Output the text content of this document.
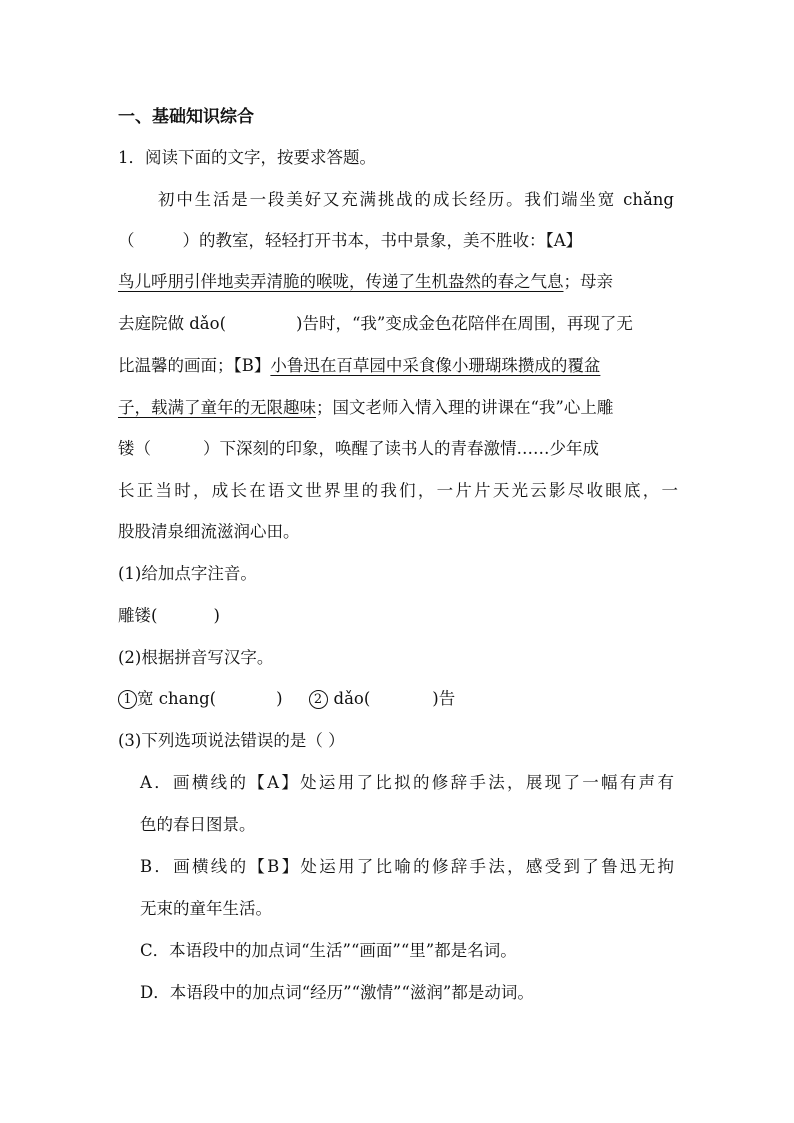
一、基础知识综合
1．阅读下面的文字，按要求答题。
初中生活是一段美好又充满挑战的成长经历。我们端坐宽 chǎng
（	）的教室，轻轻打开书本，书中景象，美不胜收：【A】
鸟儿呼朋引伴地卖弄清脆的喉咙，传递了生机盎然的春之气息；母亲
去庭院做 dǎo(	)告时，“我”变成金色花陪伴在周围，再现了无
比温馨的画面；【B】小鲁迅在百草园中采食像小珊瑚珠攒成的覆盆
子，载满了童年的无限趣味；国文老师入情入理的讲课在“我”心上雕
镂（	）下深刻的印象，唤醒了读书人的青春激情……少年成
长正当时，成长在语文世界里的我们，一片片天光云影尽收眼底，一
股股清泉细流滋润心田。
(1)给加点字注音。
雕镂(	)
(2)根据拼音写汉字。
1 宽 chang(	) 2 dǎo(	)告
(3)下列选项说法错误的是（ ）
A．画横线的【A】处运用了比拟的修辞手法，展现了一幅有声有
色的春日图景。
B．画横线的【B】处运用了比喻的修辞手法，感受到了鲁迅无拘
无束的童年生活。
C．本语段中的加点词“生活”“画面”“里”都是名词。
D．本语段中的加点词“经历”“激情”“滋润”都是动词。
